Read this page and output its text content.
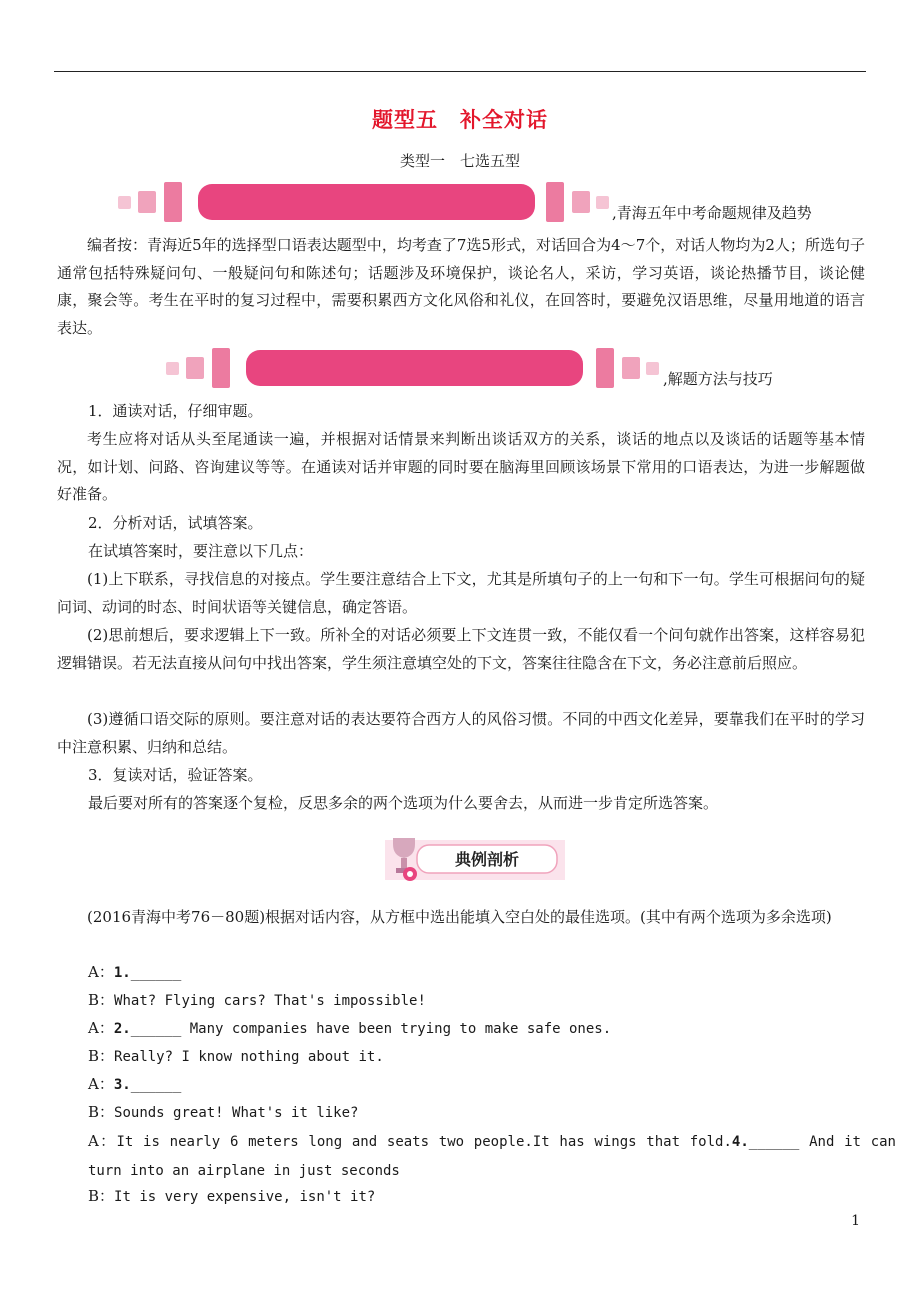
题型五　补全对话
类型一　七选五型
,青海五年中考命题规律及趋势
编者按：青海近5年的选择型口语表达题型中，均考查了7选5形式，对话回合为4～7个，对话人物均为2人；所选句子通常包括特殊疑问句、一般疑问句和陈述句；话题涉及环境保护，谈论名人，采访，学习英语，谈论热播节目，谈论健康，聚会等。考生在平时的复习过程中，需要积累西方文化风俗和礼仪，在回答时，要避免汉语思维，尽量用地道的语言表达。
,解题方法与技巧
1．通读对话，仔细审题。
考生应将对话从头至尾通读一遍，并根据对话情景来判断出谈话双方的关系，谈话的地点以及谈话的话题等基本情况，如计划、问路、咨询建议等等。在通读对话并审题的同时要在脑海里回顾该场景下常用的口语表达，为进一步解题做好准备。
2．分析对话，试填答案。
在试填答案时，要注意以下几点：
(1)上下联系，寻找信息的对接点。学生要注意结合上下文，尤其是所填句子的上一句和下一句。学生可根据问句的疑问词、动词的时态、时间状语等关键信息，确定答语。
(2)思前想后，要求逻辑上下一致。所补全的对话必须要上下文连贯一致，不能仅看一个问句就作出答案，这样容易犯逻辑错误。若无法直接从问句中找出答案，学生须注意填空处的下文，答案往往隐含在下文，务必注意前后照应。
(3)遵循口语交际的原则。要注意对话的表达要符合西方人的风俗习惯。不同的中西文化差异，要靠我们在平时的学习中注意积累、归纳和总结。
3．复读对话，验证答案。
最后要对所有的答案逐个复检，反思多余的两个选项为什么要舍去，从而进一步肯定所选答案。
典例剖析
(2016青海中考76－80题)根据对话内容，从方框中选出能填入空白处的最佳选项。(其中有两个选项为多余选项)
A：1.______
B：What? Flying cars? That's impossible!
A：2.______ Many companies have been trying to make safe ones.
B：Really? I know nothing about it.
A：3.______
B：Sounds great! What's it like?
A：It is nearly 6 meters long and seats two people.It has wings that fold.4.______ And it can turn into an airplane in just seconds
B：It is very expensive, isn't it?
1
